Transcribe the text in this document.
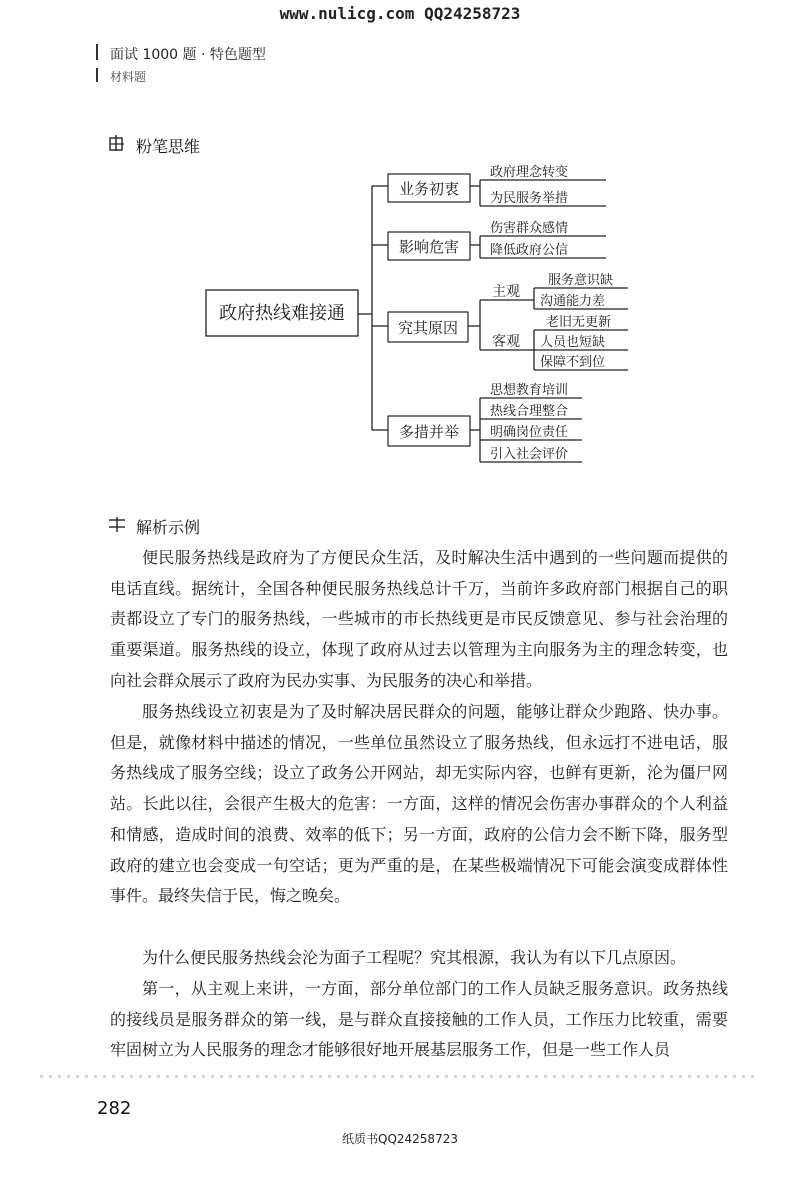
www.nulicg.com QQ24258723
面试 1000 题 · 特色题型
材料题
粉笔思维
政府热线难接通
业务初衷
政府理念转变
为民服务举措
影响危害
伤害群众感情
降低政府公信
究其原因
主观
服务意识缺
沟通能力差
客观
老旧无更新
人员也短缺
保障不到位
多措并举
思想教育培训
热线合理整合
明确岗位责任
引入社会评价
解析示例

便民服务热线是政府为了方便民众生活，及时解决生活中遇到的一些问题而提供的电话直线。据统计，全国各种便民服务热线总计千万，当前许多政府部门根据自己的职责都设立了专门的服务热线，一些城市的市长热线更是市民反馈意见、参与社会治理的重要渠道。服务热线的设立，体现了政府从过去以管理为主向服务为主的理念转变，也向社会群众展示了政府为民办实事、为民服务的决心和举措。

服务热线设立初衷是为了及时解决居民群众的问题，能够让群众少跑路、快办事。但是，就像材料中描述的情况，一些单位虽然设立了服务热线，但永远打不进电话，服务热线成了服务空线；设立了政务公开网站，却无实际内容，也鲜有更新，沦为僵尸网站。长此以往，会很产生极大的危害：一方面，这样的情况会伤害办事群众的个人利益和情感，造成时间的浪费、效率的低下；另一方面，政府的公信力会不断下降，服务型政府的建立也会变成一句空话；更为严重的是，在某些极端情况下可能会演变成群体性事件。最终失信于民，悔之晚矣。

为什么便民服务热线会沦为面子工程呢？究其根源，我认为有以下几点原因。

第一，从主观上来讲，一方面，部分单位部门的工作人员缺乏服务意识。政务热线的接线员是服务群众的第一线，是与群众直接接触的工作人员，工作压力比较重，需要牢固树立为人民服务的理念才能够很好地开展基层服务工作，但是一些工作人员

282
纸质书QQ24258723
